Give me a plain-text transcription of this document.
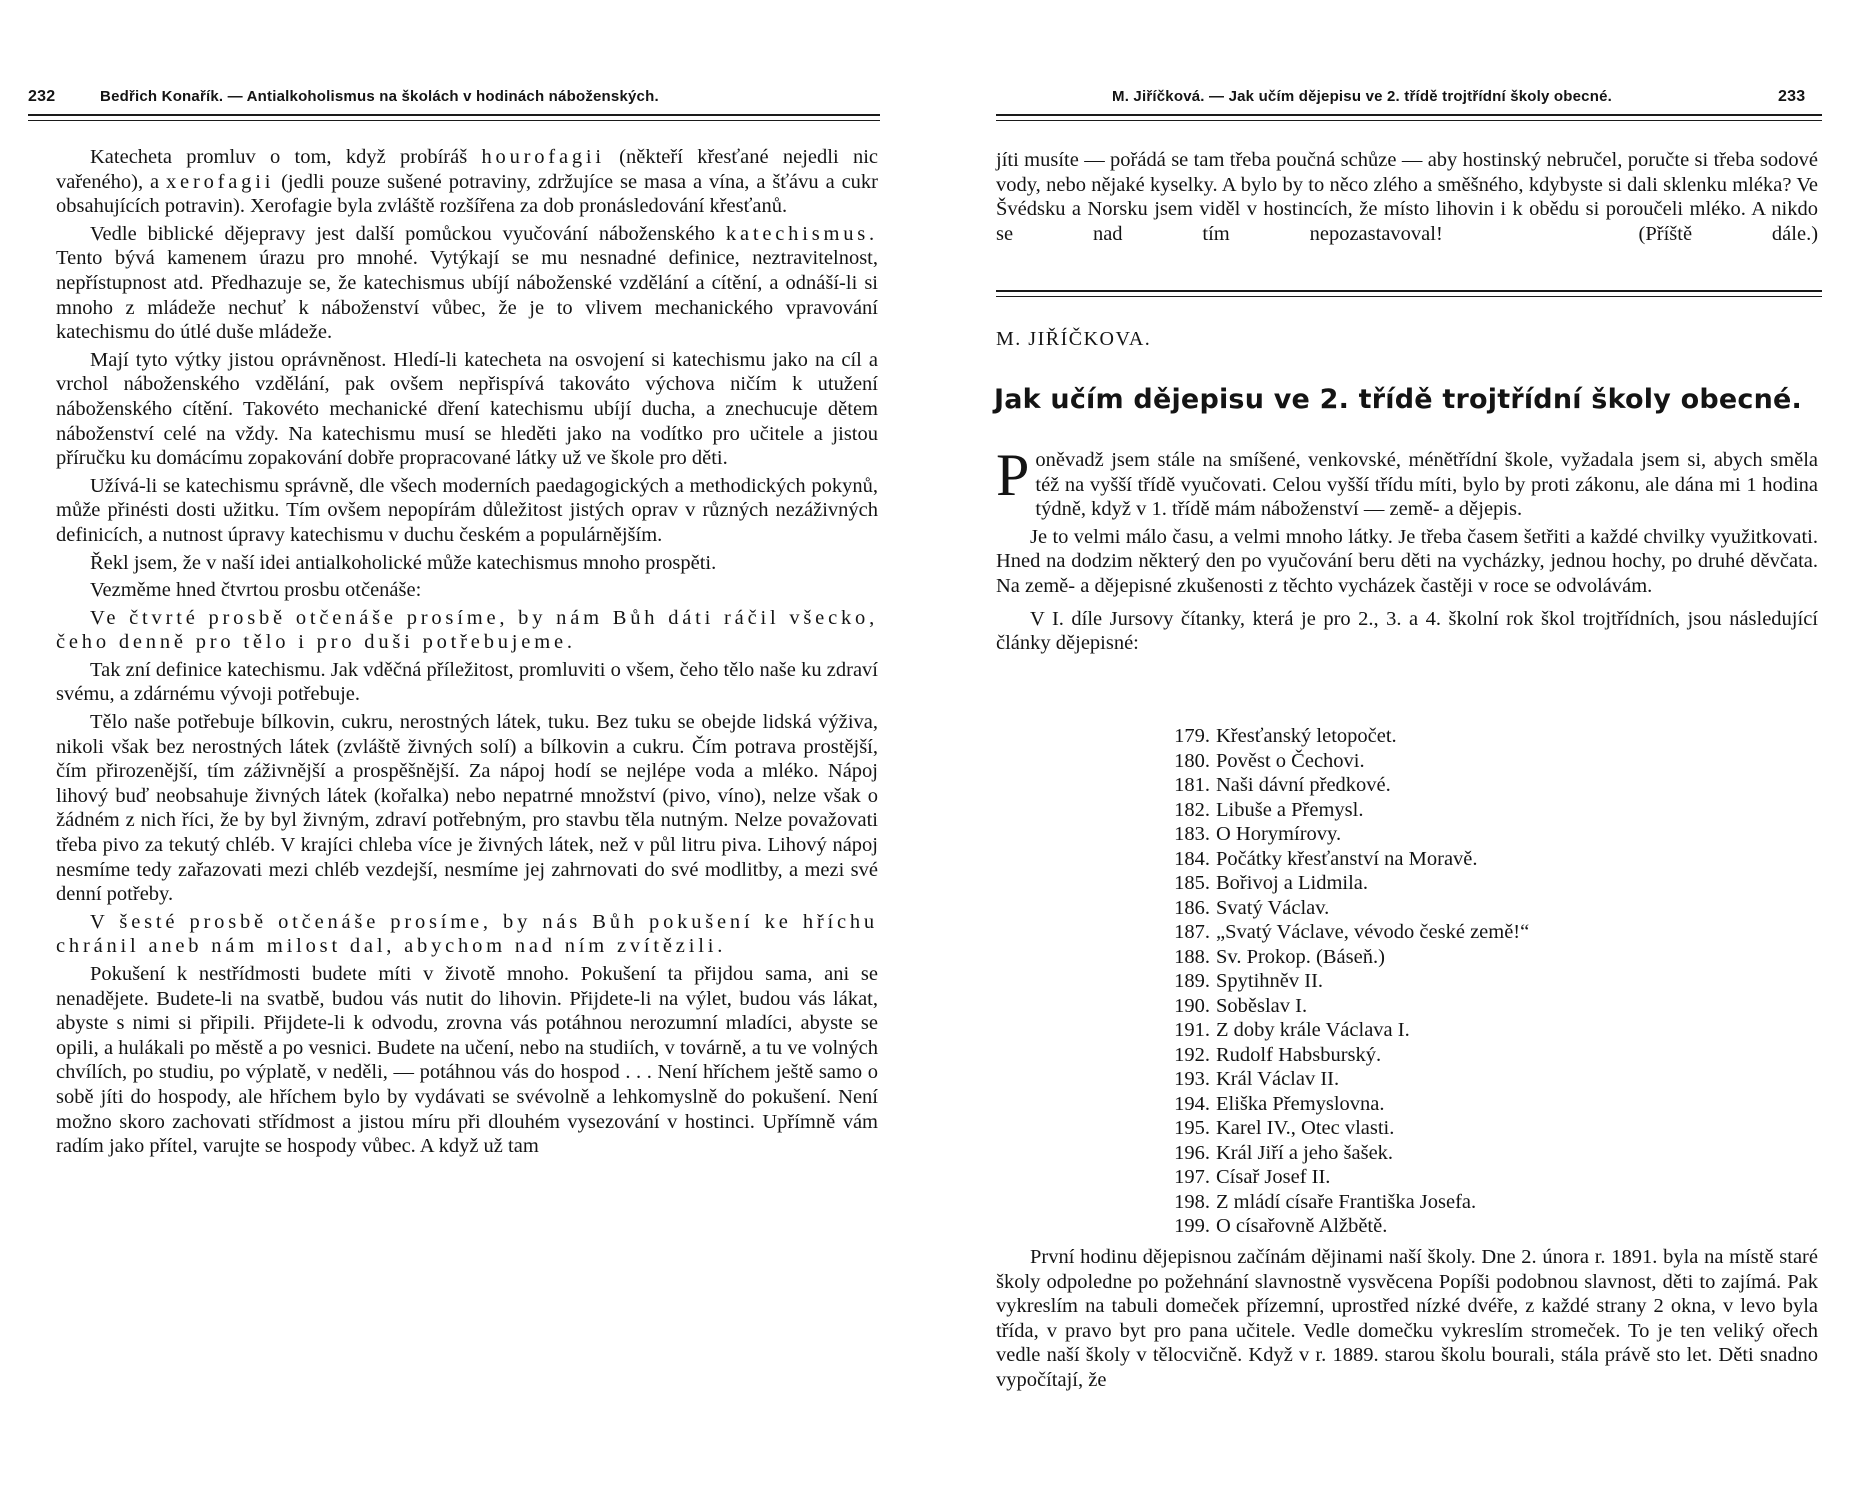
232	Bedřich Konařík. — Antialkoholismus na školách v hodinách náboženských.

Katecheta promluv o tom, když probíráš hourofagii (někteří křesťané nejedli nic vařeného), a xerofagii (jedli pouze sušené potraviny, zdržujíce se masa a vína, a šťávu a cukr obsahujících potravin). Xerofagie byla zvláště rozšířena za dob pronásledování křesťanů.

Vedle biblické dějepravy jest další pomůckou vyučování náboženského katechismus. Tento bývá kamenem úrazu pro mnohé. Vytýkají se mu nesnadné definice, neztravitelnost, nepřístupnost atd. Předhazuje se, že katechismus ubíjí náboženské vzdělání a cítění, a odnáší-li si mnoho z mládeže nechuť k náboženství vůbec, že je to vlivem mechanického vpravování katechismu do útlé duše mládeže.

Mají tyto výtky jistou oprávněnost. Hledí-li katecheta na osvojení si katechismu jako na cíl a vrchol náboženského vzdělání, pak ovšem nepřispívá takováto výchova ničím k utužení náboženského cítění. Takovéto mechanické dření katechismu ubíjí ducha, a znechucuje dětem náboženství celé na vždy. Na katechismu musí se hleděti jako na vodítko pro učitele a jistou příručku ku domácímu zopakování dobře propracované látky už ve škole pro děti.

Užívá-li se katechismu správně, dle všech moderních paedagogických a methodických pokynů, může přinésti dosti užitku. Tím ovšem nepopírám důležitost jistých oprav v různých nezáživných definicích, a nutnost úpravy katechismu v duchu českém a populárnějším.

Řekl jsem, že v naší idei antialkoholické může katechismus mnoho prospěti.

Vezměme hned čtvrtou prosbu otčenáše:

Ve čtvrté prosbě otčenáše prosíme, by nám Bůh dáti ráčil všecko, čeho denně pro tělo i pro duši potřebujeme.

Tak zní definice katechismu. Jak vděčná příležitost, promluviti o všem, čeho tělo naše ku zdraví svému, a zdárnému vývoji potřebuje.

Tělo naše potřebuje bílkovin, cukru, nerostných látek, tuku. Bez tuku se obejde lidská výživa, nikoli však bez nerostných látek (zvláště živných solí) a bílkovin a cukru. Čím potrava prostější, čím přirozenější, tím záživnější a prospěšnější. Za nápoj hodí se nejlépe voda a mléko. Nápoj lihový buď neobsahuje živných látek (kořalka) nebo nepatrné množství (pivo, víno), nelze však o žádném z nich říci, že by byl živným, zdraví potřebným, pro stavbu těla nutným. Nelze považovati třeba pivo za tekutý chléb. V krajíci chleba více je živných látek, než v půl litru piva. Lihový nápoj nesmíme tedy zařazovati mezi chléb vezdejší, nesmíme jej zahrnovati do své modlitby, a mezi své denní potřeby.

V šesté prosbě otčenáše prosíme, by nás Bůh pokušení ke hříchu chránil aneb nám milost dal, abychom nad ním zvítězili.

Pokušení k nestřídmosti budete míti v životě mnoho. Pokušení ta přijdou sama, ani se nenadějete. Budete-li na svatbě, budou vás nutit do lihovin. Přijdete-li na výlet, budou vás lákat, abyste s nimi si připili. Přijdete-li k odvodu, zrovna vás potáhnou nerozumní mladíci, abyste se opili, a hulákali po městě a po vesnici. Budete na učení, nebo na studiích, v továrně, a tu ve volných chvílích, po studiu, po výplatě, v neděli, — potáhnou vás do hospod . . . Není hříchem ještě samo o sobě jíti do hospody, ale hříchem bylo by vydávati se svévolně a lehkomyslně do pokušení. Není možno skoro zachovati střídmost a jistou míru při dlouhém vysezování v hostinci. Upřímně vám radím jako přítel, varujte se hospody vůbec. A když už tam

M. Jiříčková. — Jak učím dějepisu ve 2. třídě trojtřídní školy obecné.	233

jíti musíte — pořádá se tam třeba poučná schůze — aby hostinský nebručel, poručte si třeba sodové vody, nebo nějaké kyselky. A bylo by to něco zlého a směšného, kdybyste si dali sklenku mléka? Ve Švédsku a Norsku jsem viděl v hostincích, že místo lihovin i k obědu si poroučeli mléko. A nikdo se nad tím nepozastavoval!	(Příště dále.)

M. JIŘÍČKOVA.
Jak učím dějepisu ve 2. třídě trojtřídní školy obecné.

P oněvadž jsem stále na smíšené, venkovské, ménětřídní škole, vyžadala jsem si, abych směla též na vyšší třídě vyučovati. Celou vyšší třídu míti, bylo by proti zákonu, ale dána mi 1 hodina týdně, když v 1. třídě mám náboženství — země- a dějepis.

Je to velmi málo času, a velmi mnoho látky. Je třeba časem šetřiti a každé chvilky využitkovati. Hned na dodzim některý den po vyučování beru děti na vycházky, jednou hochy, po druhé děvčata. Na země- a dějepisné zkušenosti z těchto vycházek častěji v roce se odvolávám.

V I. díle Jursovy čítanky, která je pro 2., 3. a 4. školní rok škol trojtřídních, jsou následující články dějepisné:

179. Křesťanský letopočet.
180. Pověst o Čechovi.
181. Naši dávní předkové.
182. Libuše a Přemysl.
183. O Horymírovy.
184. Počátky křesťanství na Moravě.
185. Bořivoj a Lidmila.
186. Svatý Václav.
187. „Svatý Václave, vévodo české země!“
188. Sv. Prokop. (Báseň.)
189. Spytihněv II.
190. Soběslav I.
191. Z doby krále Václava I.
192. Rudolf Habsburský.
193. Král Václav II.
194. Eliška Přemyslovna.
195. Karel IV., Otec vlasti.
196. Král Jiří a jeho šašek.
197. Císař Josef II.
198. Z mládí císaře Františka Josefa.
199. O císařovně Alžbětě.

První hodinu dějepisnou začínám dějinami naší školy. Dne 2. února r. 1891. byla na místě staré školy odpoledne po požehnání slavnostně vysvěcena Popíši podobnou slavnost, děti to zajímá. Pak vykreslím na tabuli domeček přízemní, uprostřed nízké dvéře, z každé strany 2 okna, v levo byla třída, v pravo byt pro pana učitele. Vedle domečku vykreslím stromeček. To je ten veliký ořech vedle naší školy v tělocvičně. Když v r. 1889. starou školu bourali, stála právě sto let. Děti snadno vypočítají, že
